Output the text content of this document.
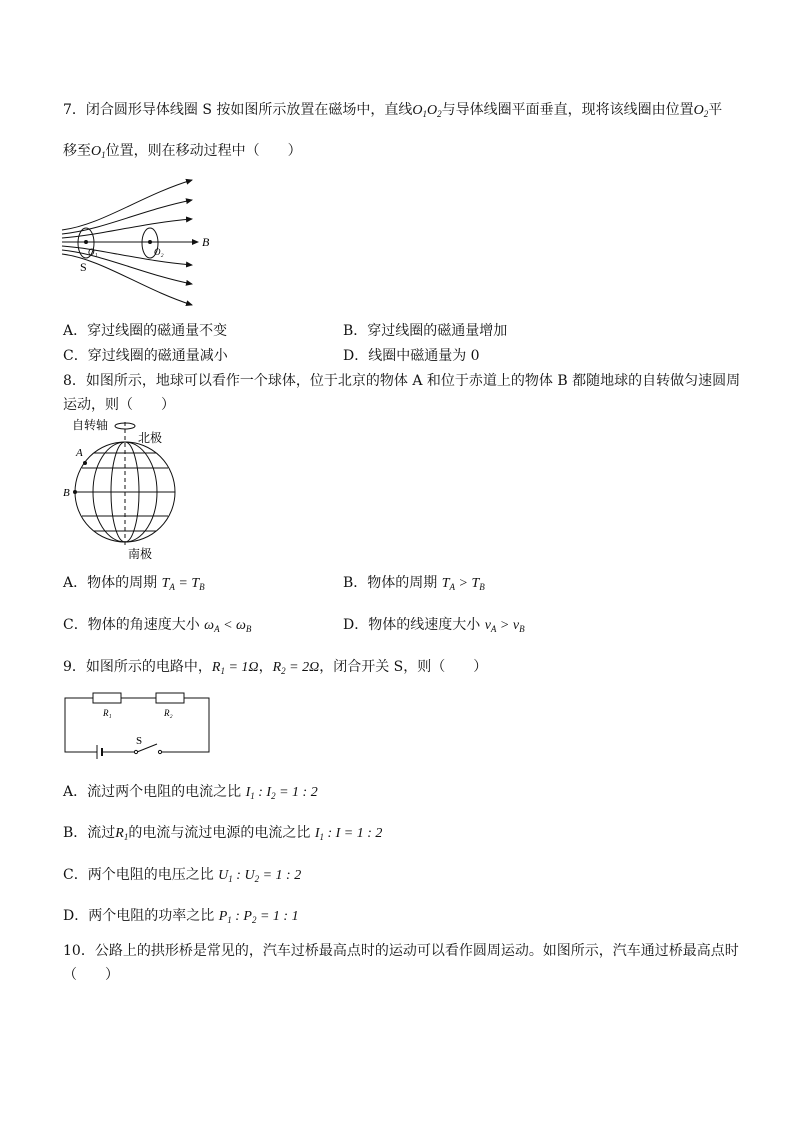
7．闭合圆形导体线圈 S 按如图所示放置在磁场中，直线$O_1O_2$与导体线圈平面垂直，现将该线圈由位置$O_2$平
移至$O_1$位置，则在移动过程中（　　）
S
B
O₁	O₂
A．穿过线圈的磁通量不变	B．穿过线圈的磁通量增加
C．穿过线圈的磁通量减小	D．线圈中磁通量为 0
8．如图所示，地球可以看作一个球体，位于北京的物体 A 和位于赤道上的物体 B 都随地球的自转做匀速圆周
运动，则（　　）
自转轴
北极
南极
A
B
A．物体的周期 $T_A = T_B$	B．物体的周期 $T_A > T_B$
C．物体的角速度大小 $\omega_A < \omega_B$	D．物体的线速度大小 $v_A > v_B$
9．如图所示的电路中，$R_1 = 1\Omega$，$R_2 = 2\Omega$，闭合开关 S，则（　　）
R₁	R₂
S
A．流过两个电阻的电流之比 $I_1$ : $I_2 = 1$ : 2
B．流过$R_1$的电流与流过电源的电流之比 $I_1$ : I = 1 : 2
C．两个电阻的电压之比 $U_1$ : $U_2 = 1$ : 2
D．两个电阻的功率之比 $P_1$ : $P_2 = 1$ : 1
10．公路上的拱形桥是常见的，汽车过桥最高点时的运动可以看作圆周运动。如图所示，汽车通过桥最高点时
（　　）
